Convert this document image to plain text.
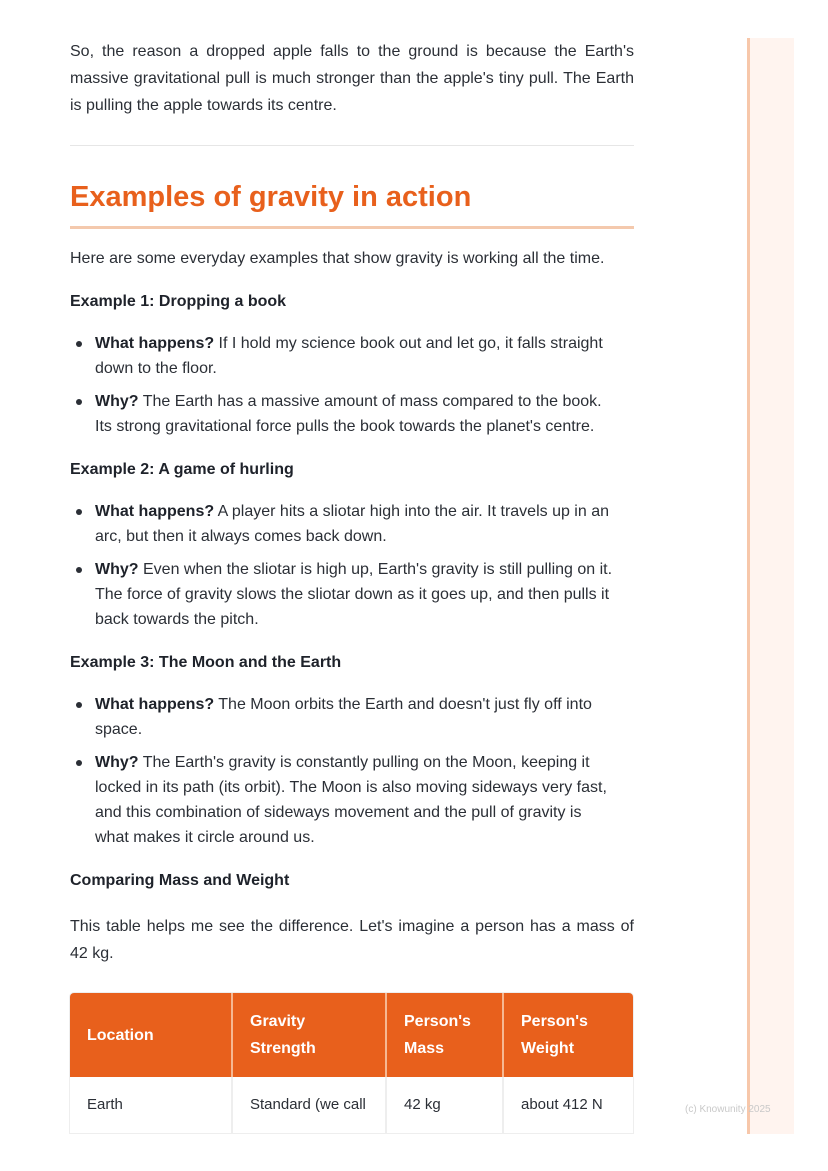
So, the reason a dropped apple falls to the ground is because the Earth's massive gravitational pull is much stronger than the apple's tiny pull. The Earth is pulling the apple towards its centre.

Examples of gravity in action

Here are some everyday examples that show gravity is working all the time.

Example 1: Dropping a book
What happens? If I hold my science book out and let go, it falls straight down to the floor.
Why? The Earth has a massive amount of mass compared to the book. Its strong gravitational force pulls the book towards the planet's centre.
Example 2: A game of hurling
What happens? A player hits a sliotar high into the air. It travels up in an arc, but then it always comes back down.
Why? Even when the sliotar is high up, Earth's gravity is still pulling on it. The force of gravity slows the sliotar down as it goes up, and then pulls it back towards the pitch.
Example 3: The Moon and the Earth
What happens? The Moon orbits the Earth and doesn't just fly off into space.
Why? The Earth's gravity is constantly pulling on the Moon, keeping it locked in its path (its orbit). The Moon is also moving sideways very fast, and this combination of sideways movement and the pull of gravity is what makes it circle around us.
Comparing Mass and Weight

This table helps me see the difference. Let's imagine a person has a mass of 42 kg.

Location	Gravity Strength	Person's Mass	Person's Weight
Earth	Standard (we call	42 kg	about 412 N	(c) Knowunity 2025
